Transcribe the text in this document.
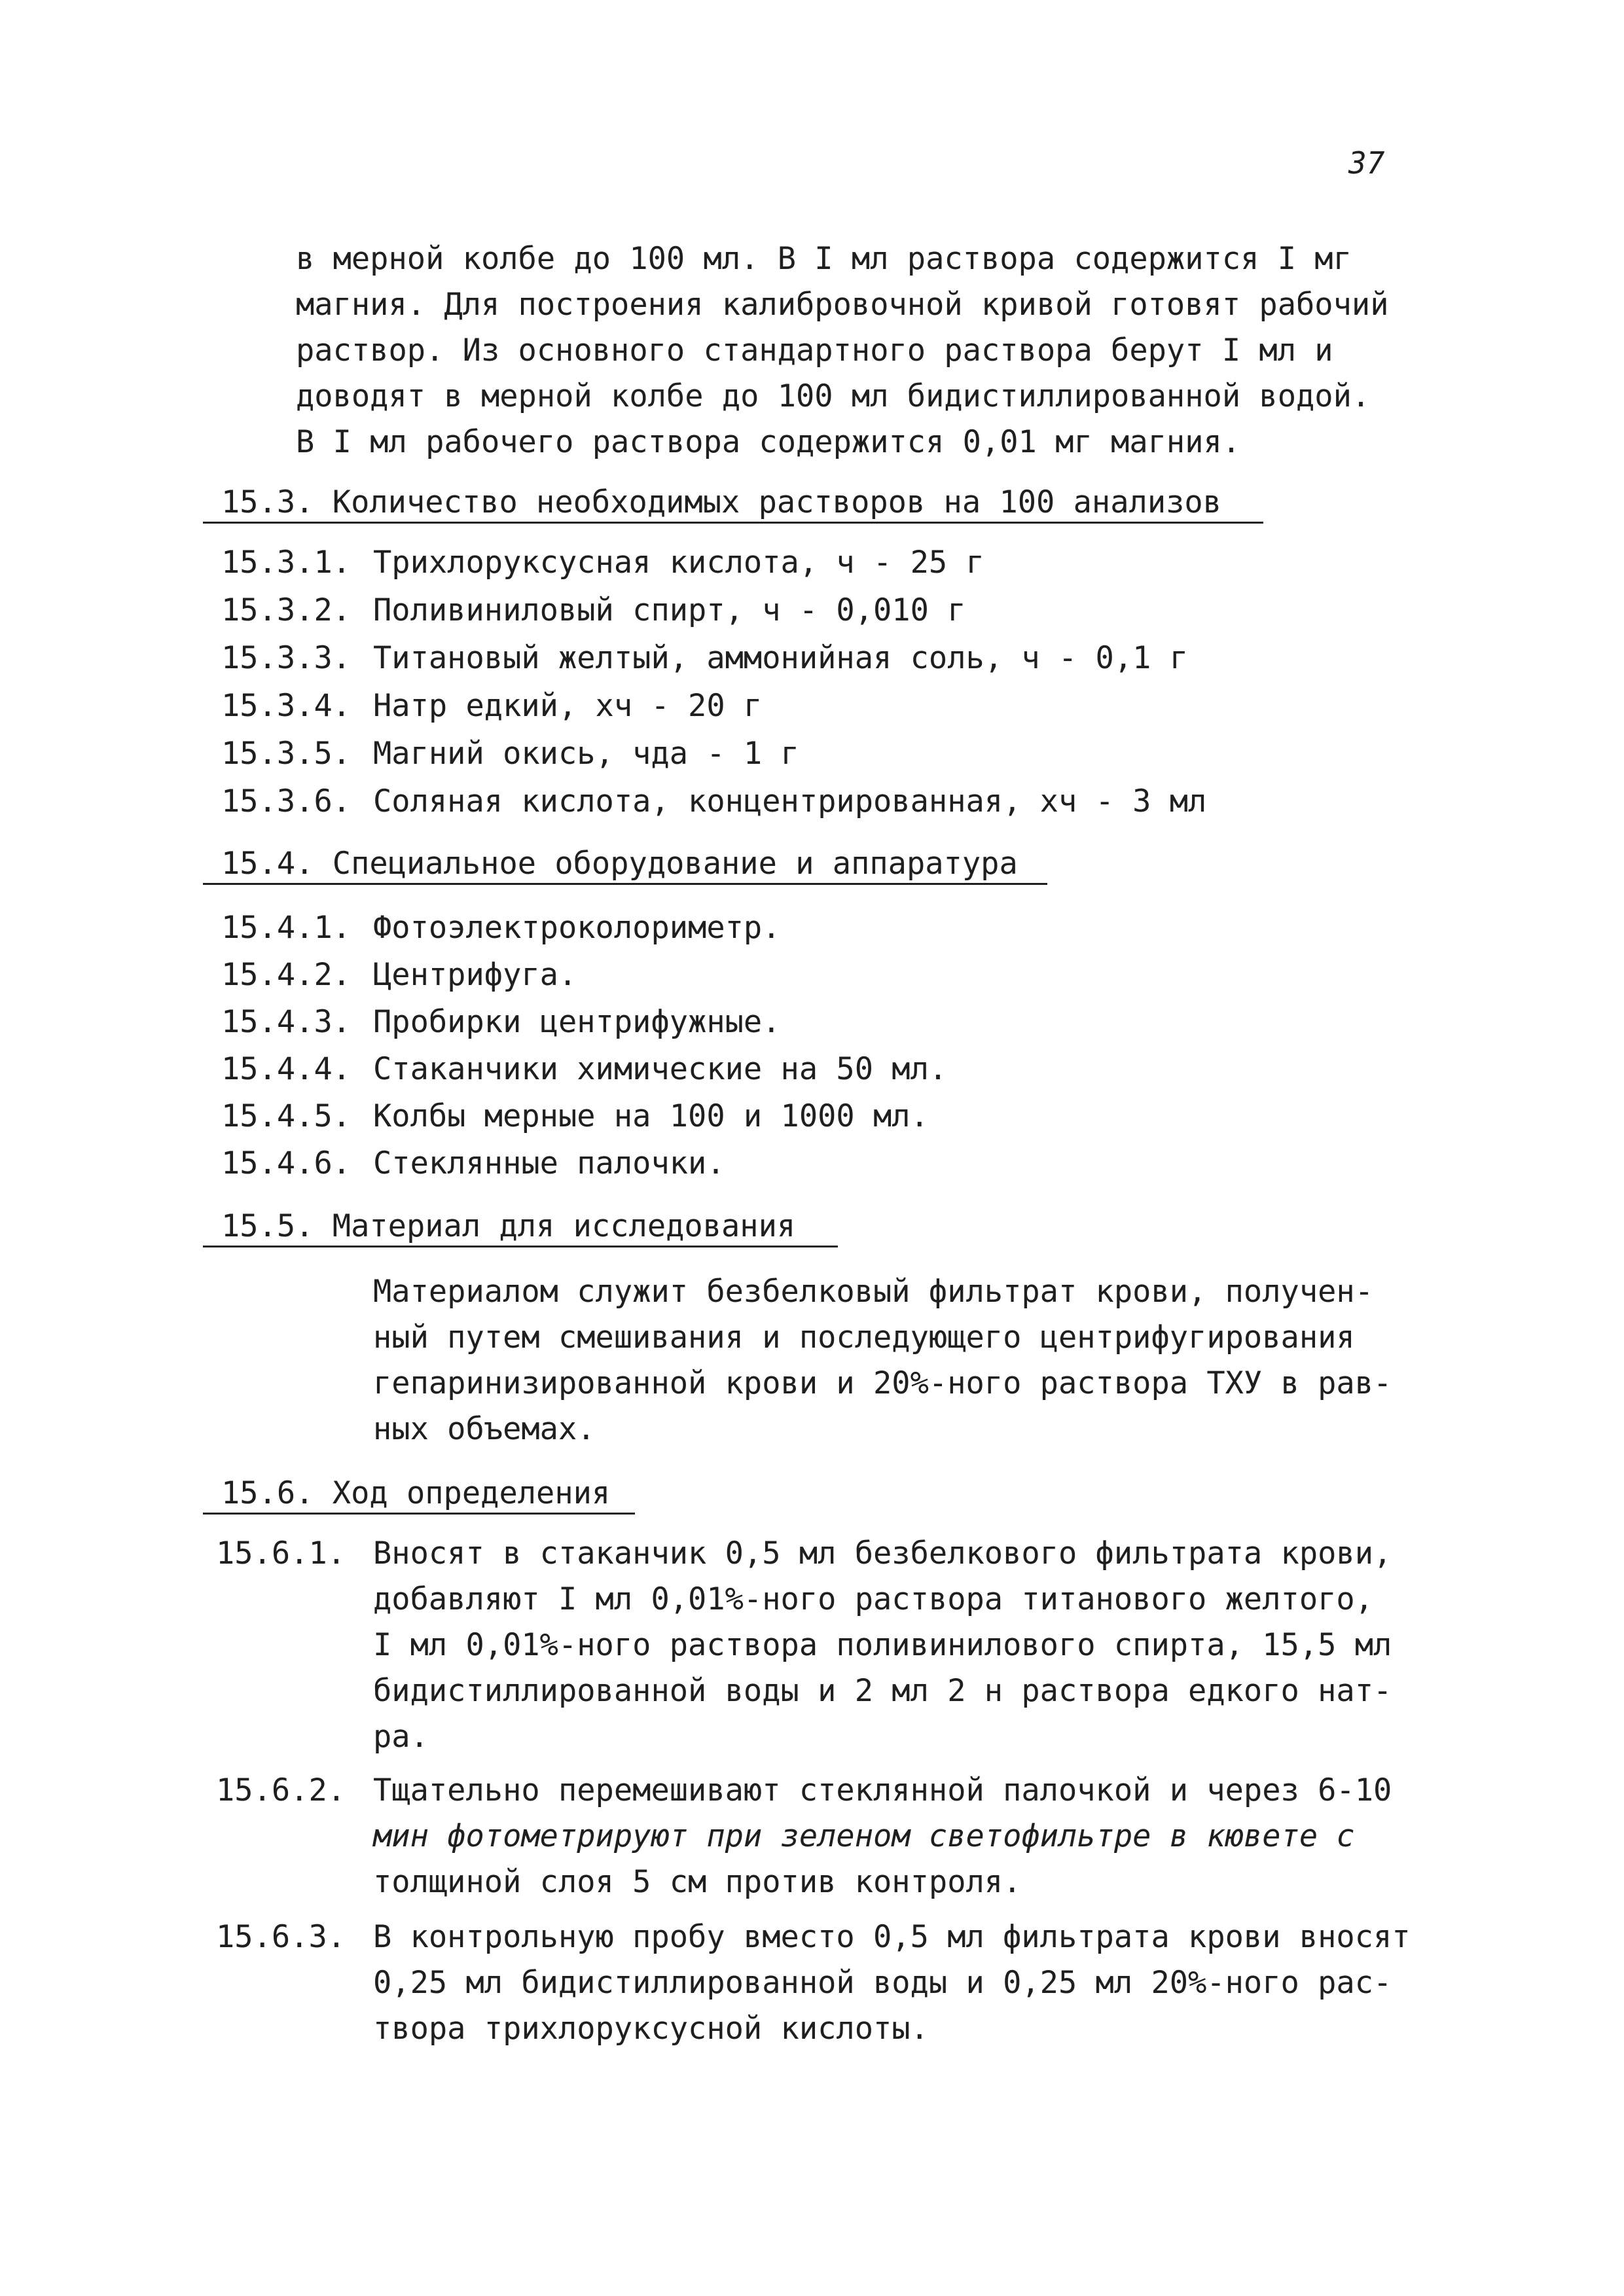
37
в мерной колбе до 100 мл. В I мл раствора содержится I мг
магния. Для построения калибровочной кривой готовят рабочий
раствор. Из основного стандартного раствора берут I мл и
доводят в мерной колбе до 100 мл бидистиллированной водой.
В I мл рабочего раствора содержится 0,01 мг магния.
15.3. Количество необходимых растворов на 100 анализов
15.3.1. Трихлоруксусная кислота, ч - 25 г
15.3.2. Поливиниловый спирт, ч - 0,010 г
15.3.3. Титановый желтый, аммонийная соль, ч - 0,1 г
15.3.4. Натр едкий, хч - 20 г
15.3.5. Магний окись, чда - 1 г
15.3.6. Соляная кислота, концентрированная, хч - 3 мл
15.4. Специальное оборудование и аппаратура
15.4.1. Фотоэлектроколориметр.
15.4.2. Центрифуга.
15.4.3. Пробирки центрифужные.
15.4.4. Стаканчики химические на 50 мл.
15.4.5. Колбы мерные на 100 и 1000 мл.
15.4.6. Стеклянные палочки.
15.5. Материал для исследования
Материалом служит безбелковый фильтрат крови, получен-
ный путем смешивания и последующего центрифугирования
гепаринизированной крови и 20%-ного раствора ТХУ в рав-
ных объемах.
15.6. Ход определения
15.6.1. Вносят в стаканчик 0,5 мл безбелкового фильтрата крови,
добавляют I мл 0,01%-ного раствора титанового желтого,
I мл 0,01%-ного раствора поливинилового спирта, 15,5 мл
бидистиллированной воды и 2 мл 2 н раствора едкого нат-
ра.
15.6.2. Тщательно перемешивают стеклянной палочкой и через 6-10
мин фотометрируют при зеленом светофильтре в кювете с
толщиной слоя 5 см против контроля.
15.6.3. В контрольную пробу вместо 0,5 мл фильтрата крови вносят
0,25 мл бидистиллированной воды и 0,25 мл 20%-ного рас-
твора трихлоруксусной кислоты.
